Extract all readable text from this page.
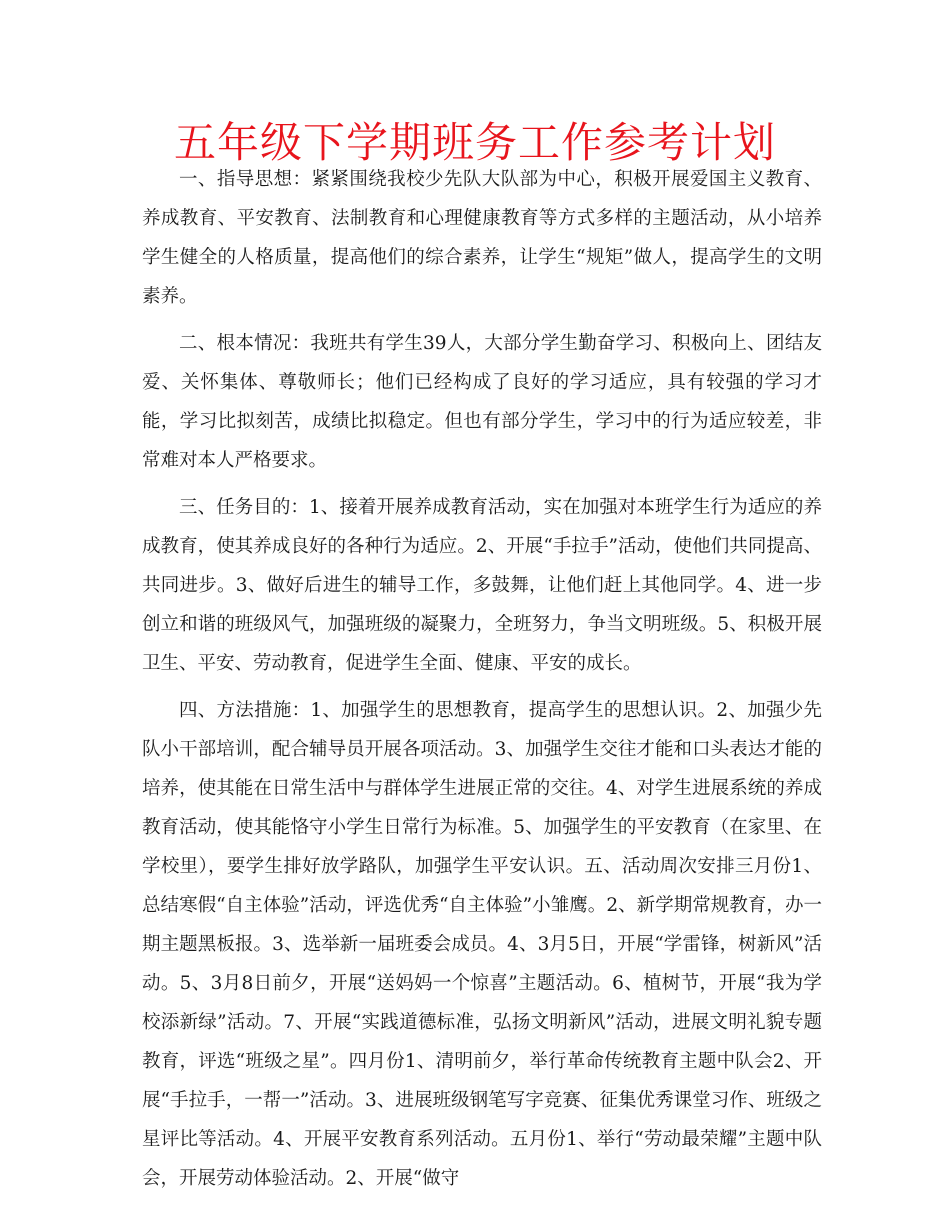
五年级下学期班务工作参考计划

一、指导思想：紧紧围绕我校少先队大队部为中心，积极开展爱国主义教育、养成教育、平安教育、法制教育和心理健康教育等方式多样的主题活动，从小培养学生健全的人格质量，提高他们的综合素养，让学生“规矩”做人，提高学生的文明素养。

二、根本情况：我班共有学生39人，大部分学生勤奋学习、积极向上、团结友爱、关怀集体、尊敬师长；他们已经构成了良好的学习适应，具有较强的学习才能，学习比拟刻苦，成绩比拟稳定。但也有部分学生，学习中的行为适应较差，非常难对本人严格要求。

三、任务目的：1、接着开展养成教育活动，实在加强对本班学生行为适应的养成教育，使其养成良好的各种行为适应。2、开展“手拉手”活动，使他们共同提高、共同进步。3、做好后进生的辅导工作，多鼓舞，让他们赶上其他同学。4、进一步创立和谐的班级风气，加强班级的凝聚力，全班努力，争当文明班级。5、积极开展卫生、平安、劳动教育，促进学生全面、健康、平安的成长。

四、方法措施：1、加强学生的思想教育，提高学生的思想认识。2、加强少先队小干部培训，配合辅导员开展各项活动。3、加强学生交往才能和口头表达才能的培养，使其能在日常生活中与群体学生进展正常的交往。4、对学生进展系统的养成教育活动，使其能恪守小学生日常行为标准。5、加强学生的平安教育（在家里、在学校里），要学生排好放学路队，加强学生平安认识。五、活动周次安排三月份1、总结寒假“自主体验”活动，评选优秀“自主体验”小雏鹰。2、新学期常规教育，办一期主题黑板报。3、选举新一届班委会成员。4、3月5日，开展“学雷锋，树新风”活动。5、3月8日前夕，开展“送妈妈一个惊喜”主题活动。6、植树节，开展“我为学校添新绿”活动。7、开展“实践道德标准，弘扬文明新风”活动，进展文明礼貌专题教育，评选“班级之星”。四月份1、清明前夕，举行革命传统教育主题中队会2、开展“手拉手，一帮一”活动。3、进展班级钢笔写字竞赛、征集优秀课堂习作、班级之星评比等活动。4、开展平安教育系列活动。五月份1、举行“劳动最荣耀”主题中队会，开展劳动体验活动。2、开展“做守
